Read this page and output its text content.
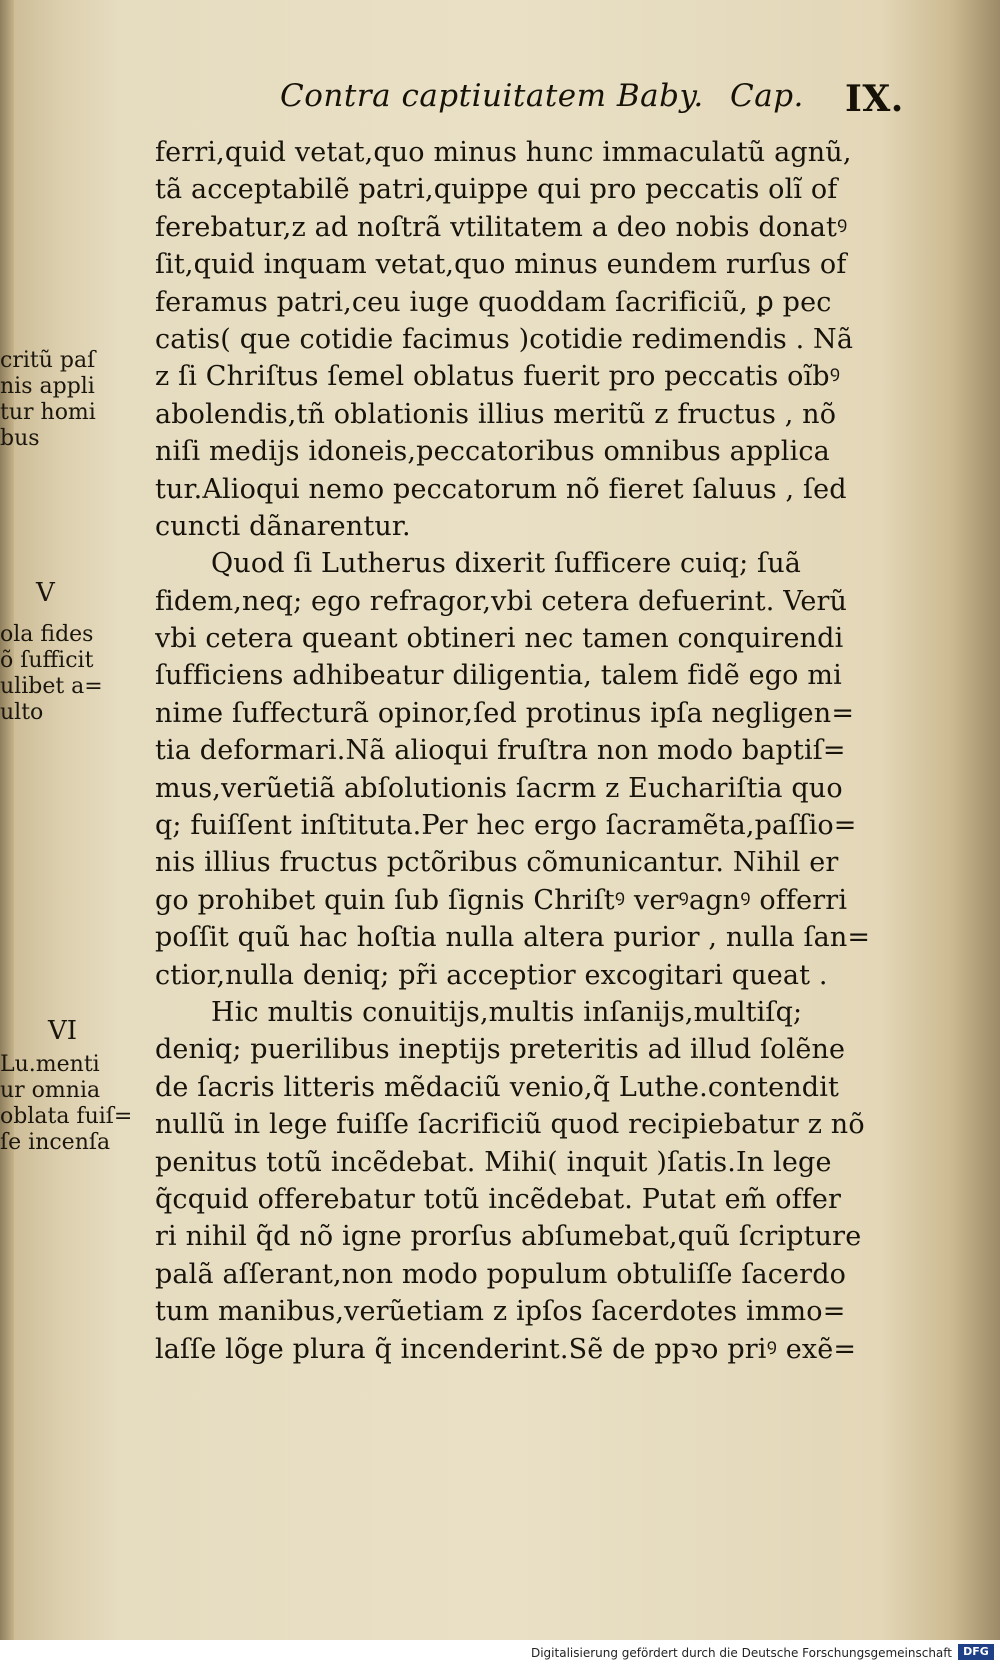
Contra captiuitatem Baby. Cap. IX.
critũ paſ
nis appli
tur homi
bus
V
ola fides
õ ſufficit
ulibet a=
ulto
VI
Lu.menti
ur omnia
oblata fuiſ=
ſe incenſa
ferri,quid vetat,quo minus hunc immaculatũ agnũ,
tã acceptabilẽ patri,quippe qui pro peccatis olĩ of
ferebatur,z ad noſtrã vtilitatem a deo nobis donatꝰ
ſit,quid inquam vetat,quo minus eundem rurſus of
feramus patri,ceu iuge quoddam ſacrificiũ, ꝑ pec
catis( que cotidie facimus )cotidie redimendis . Nã
z ſi Chriſtus ſemel oblatus fuerit pro peccatis oĩbꝰ
abolendis,tñ oblationis illius meritũ z fructus , nõ
niſi medijs idoneis,peccatoribus omnibus applica
tur.Alioqui nemo peccatorum nõ fieret ſaluus , ſed
cuncti dãnarentur.
Quod ſi Lutherus dixerit ſufficere cuiq; ſuã
fidem,neq; ego refragor,vbi cetera defuerint. Verũ
vbi cetera queant obtineri nec tamen conquirendi
ſufficiens adhibeatur diligentia, talem fidẽ ego mi
nime ſuffecturã opinor,ſed protinus ipſa negligen=
tia deformari.Nã alioqui fruſtra non modo baptiſ=
mus,verũetiã abſolutionis ſacrm z Euchariſtia quo
q; fuiſſent inſtituta.Per hec ergo ſacramẽta,paſſio=
nis illius fructus pctõribus cõmunicantur. Nihil er
go prohibet quin ſub ſignis Chriſtꝰ verꝰagnꝰ offerri
poſſit quũ hac hoſtia nulla altera purior , nulla ſan=
ctior,nulla deniq; pr̃i acceptior excogitari queat .
Hic multis conuitijs,multis inſanijs,multiſq;
deniq; puerilibus ineptijs preteritis ad illud ſolẽne
de ſacris litteris mẽdaciũ venio,q̃ Luthe.contendit
nullũ in lege fuiſſe ſacrificiũ quod recipiebatur z nõ
penitus totũ incẽdebat. Mihi( inquit )ſatis.In lege
q̃cquid offerebatur totũ incẽdebat. Putat em̃ offer
ri nihil q̃d nõ igne prorſus abſumebat,quũ ſcripture
palã aſſerant,non modo populum obtuliſſe ſacerdo
tum manibus,verũetiam z ipſos ſacerdotes immo=
laſſe lõge plura q̃ incenderint.Sẽ de ppꝛo priꝰ exẽ=
Digitalisierung gefördert durch die Deutsche Forschungsgemeinschaft	DFG
